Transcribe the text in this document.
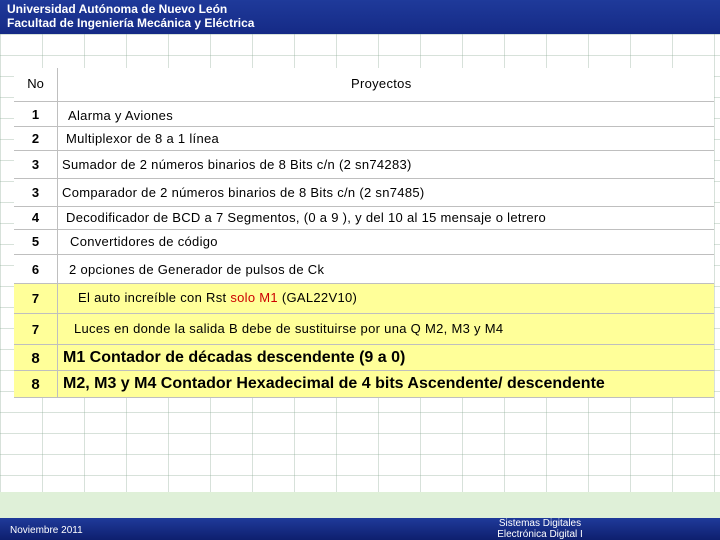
Universidad Autónoma de Nuevo León
Facultad de Ingeniería Mecánica y Eléctrica
No	Proyectos
1	Alarma y Aviones
2	Multiplexor de 8 a 1 línea
3	Sumador de 2 números binarios de 8 Bits c/n (2 sn74283)
3	Comparador de 2 números binarios de 8 Bits c/n (2 sn7485)
4	Decodificador de BCD a 7 Segmentos, (0 a 9 ), y del 10 al 15 mensaje o letrero
5	Convertidores de código
6	2 opciones de Generador de pulsos de Ck
7	El auto increíble con Rst solo M1 (GAL22V10)
7	Luces en donde la salida B debe de sustituirse por una Q M2, M3 y M4
8	M1 Contador de décadas descendente (9 a 0)
8	M2, M3 y M4 Contador Hexadecimal de 4 bits Ascendente/ descendente
Noviembre 2011
Sistemas Digitales
Electrónica Digital I
